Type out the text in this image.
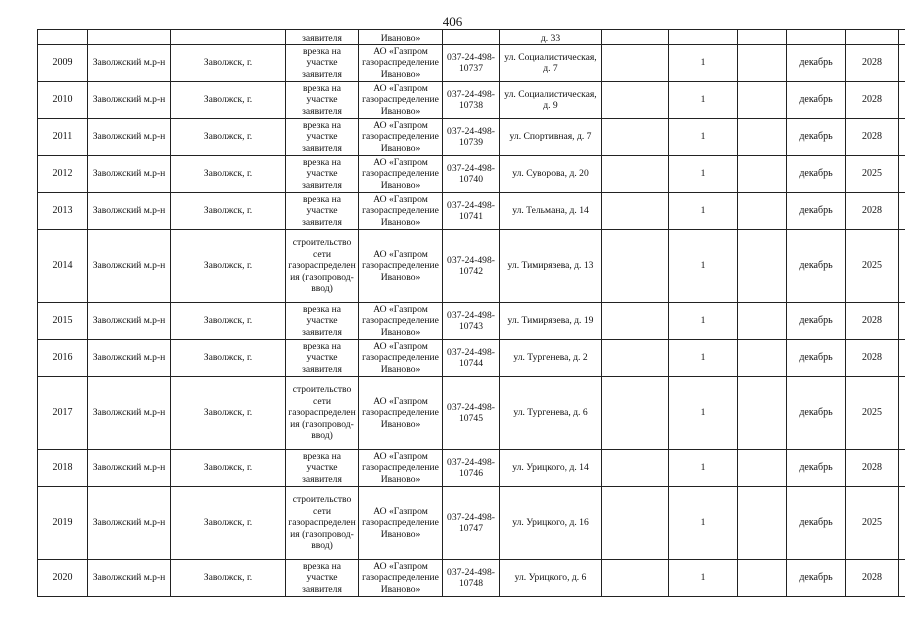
406
			заявителя	Иваново»		д. 33						
2009	Заволжский м.р-н	Заволжск, г.	врезка на участке заявителя	АО «Газпром газораспределение Иваново»	037-24-498-10737	ул. Социалистическая, д. 7		1		декабрь	2028	
2010	Заволжский м.р-н	Заволжск, г.	врезка на участке заявителя	АО «Газпром газораспределение Иваново»	037-24-498-10738	ул. Социалистическая, д. 9		1		декабрь	2028	
2011	Заволжский м.р-н	Заволжск, г.	врезка на участке заявителя	АО «Газпром газораспределение Иваново»	037-24-498-10739	ул. Спортивная, д. 7		1		декабрь	2028	
2012	Заволжский м.р-н	Заволжск, г.	врезка на участке заявителя	АО «Газпром газораспределение Иваново»	037-24-498-10740	ул. Суворова, д. 20		1		декабрь	2025	
2013	Заволжский м.р-н	Заволжск, г.	врезка на участке заявителя	АО «Газпром газораспределение Иваново»	037-24-498-10741	ул. Тельмана, д. 14		1		декабрь	2028	
2014	Заволжский м.р-н	Заволжск, г.	строительство сети газораспределения (газопровод-ввод)	АО «Газпром газораспределение Иваново»	037-24-498-10742	ул. Тимирязева, д. 13		1		декабрь	2025	
2015	Заволжский м.р-н	Заволжск, г.	врезка на участке заявителя	АО «Газпром газораспределение Иваново»	037-24-498-10743	ул. Тимирязева, д. 19		1		декабрь	2028	
2016	Заволжский м.р-н	Заволжск, г.	врезка на участке заявителя	АО «Газпром газораспределение Иваново»	037-24-498-10744	ул. Тургенева, д. 2		1		декабрь	2028	
2017	Заволжский м.р-н	Заволжск, г.	строительство сети газораспределения (газопровод-ввод)	АО «Газпром газораспределение Иваново»	037-24-498-10745	ул. Тургенева, д. 6		1		декабрь	2025	
2018	Заволжский м.р-н	Заволжск, г.	врезка на участке заявителя	АО «Газпром газораспределение Иваново»	037-24-498-10746	ул. Урицкого, д. 14		1		декабрь	2028	
2019	Заволжский м.р-н	Заволжск, г.	строительство сети газораспределения (газопровод-ввод)	АО «Газпром газораспределение Иваново»	037-24-498-10747	ул. Урицкого, д. 16		1		декабрь	2025	
2020	Заволжский м.р-н	Заволжск, г.	врезка на участке заявителя	АО «Газпром газораспределение Иваново»	037-24-498-10748	ул. Урицкого, д. 6		1		декабрь	2028	
